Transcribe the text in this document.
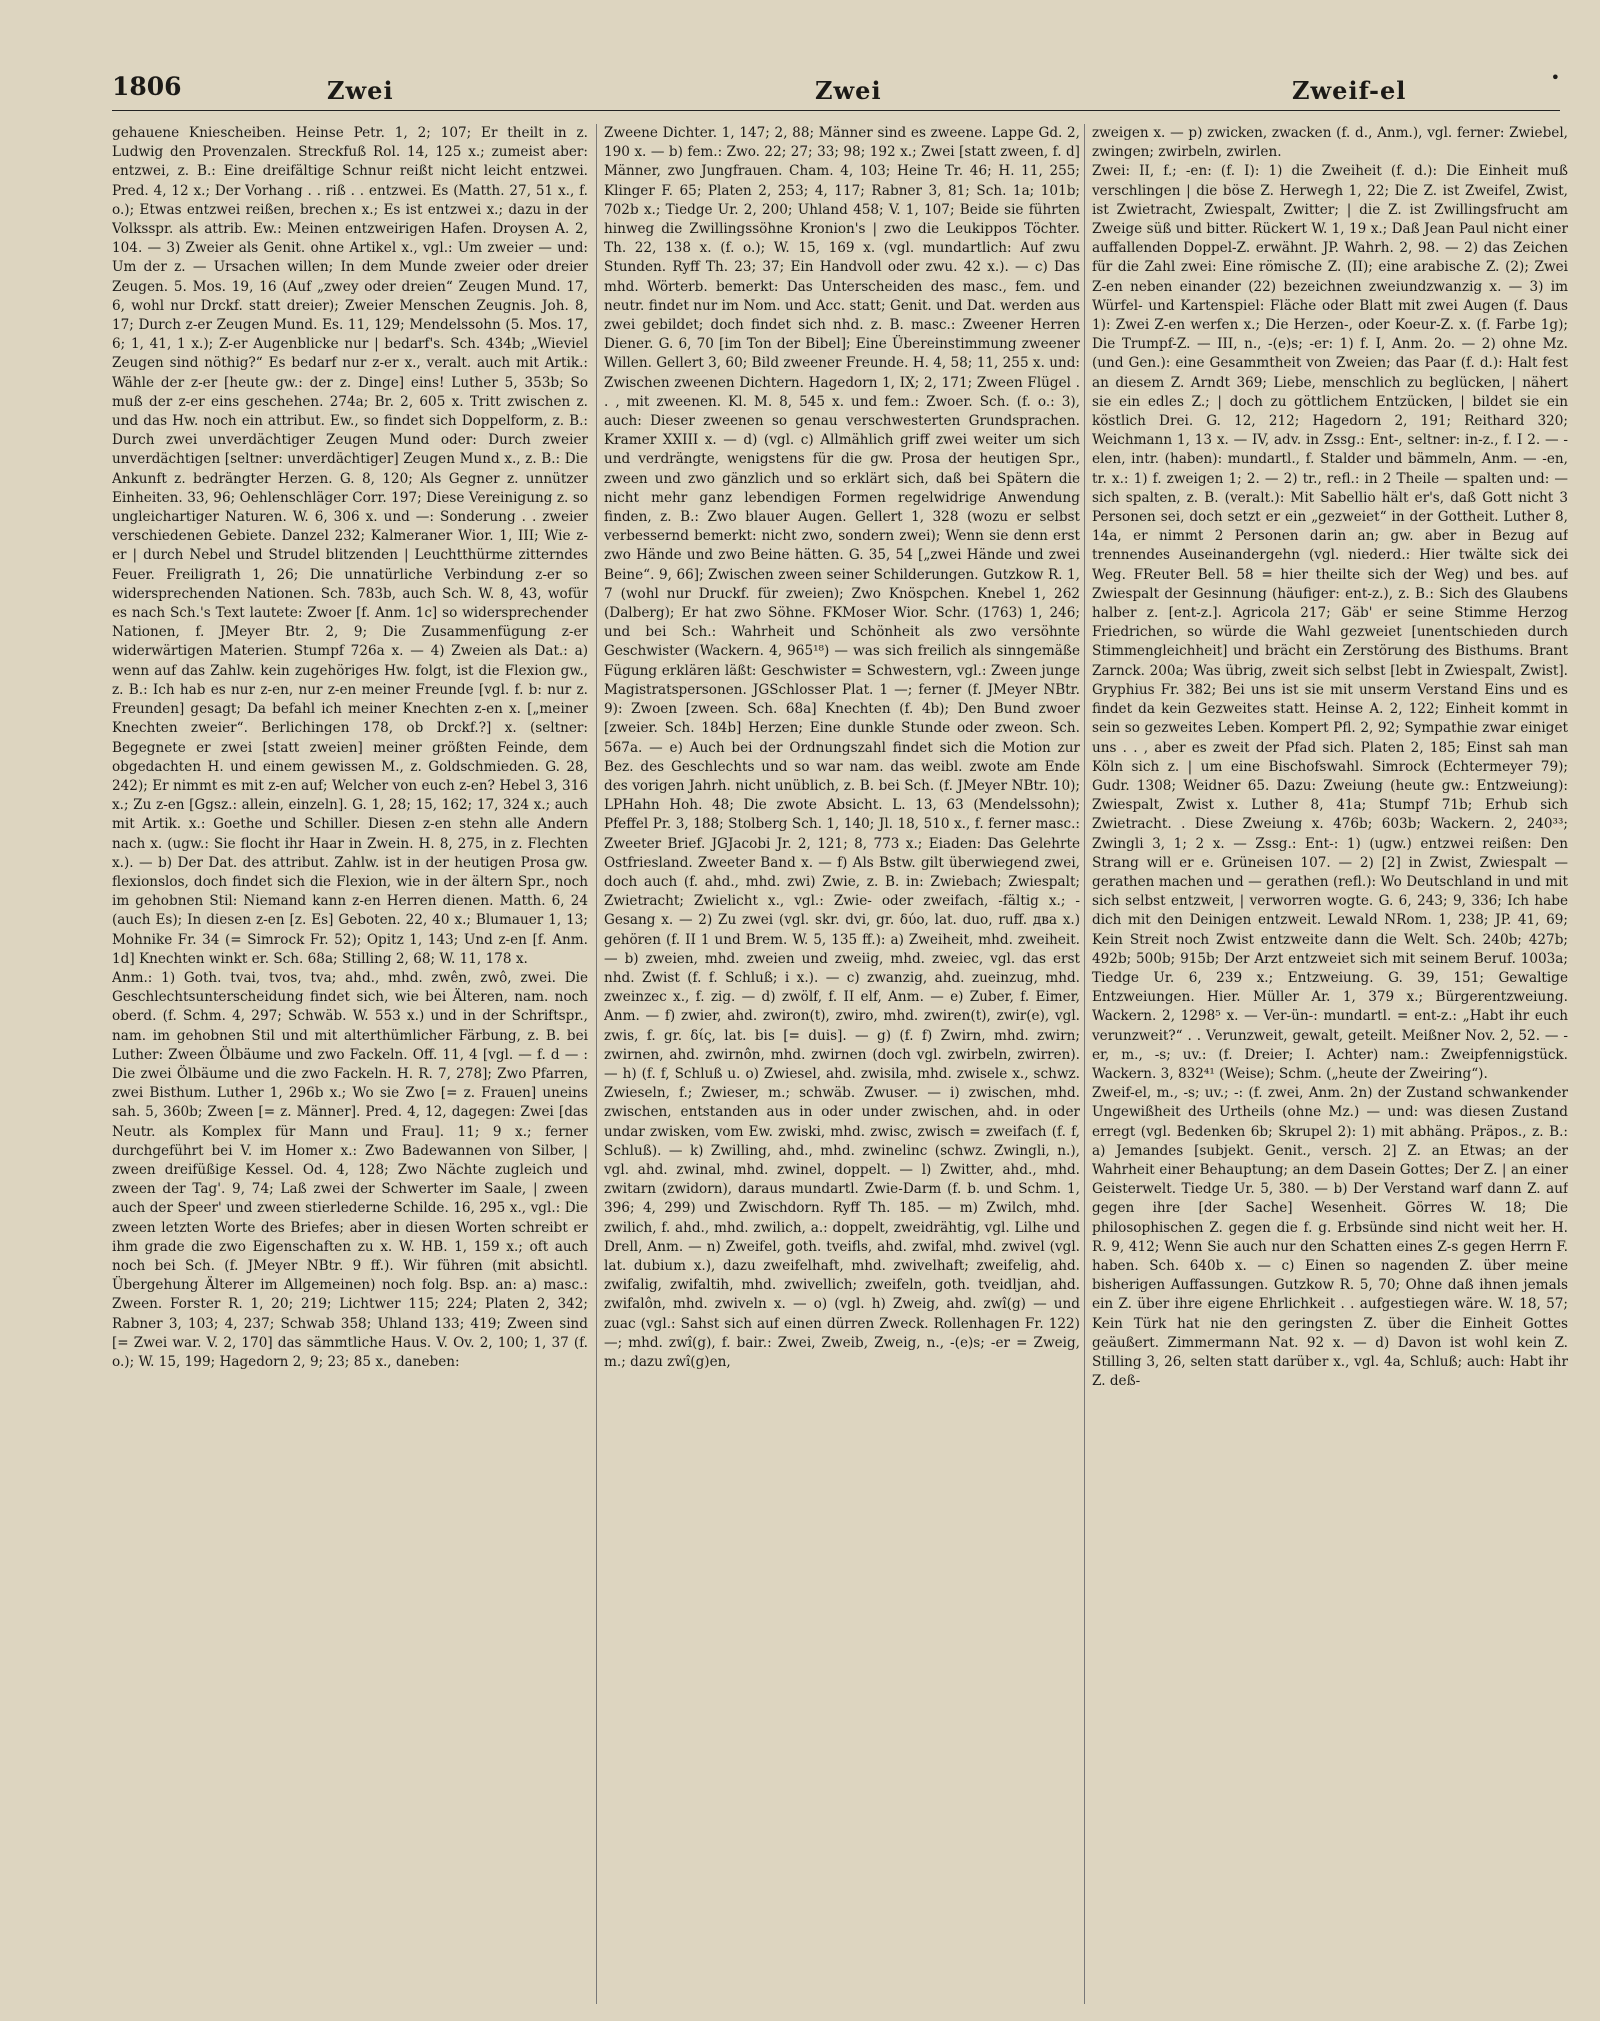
1806	Zwei	Zwei	Zweif-el	•

gehauene Kniescheiben. Heinse Petr. 1, 2; 107; Er theilt in z. Ludwig den Provenzalen. Streckfuß Rol. 14, 125 x.; zumeist aber: entzwei, z. B.: Eine dreifältige Schnur reißt nicht leicht entzwei. Pred. 4, 12 x.; Der Vorhang . . riß . . entzwei. Es (Matth. 27, 51 x., f. o.); Etwas entzwei reißen, brechen x.; Es ist entzwei x.; dazu in der Volksspr. als attrib. Ew.: Meinen entzweirigen Hafen. Droysen A. 2, 104. — 3) Zweier als Genit. ohne Artikel x., vgl.: Um zweier — und: Um der z. — Ursachen willen; In dem Munde zweier oder dreier Zeugen. 5. Mos. 19, 16 (Auf „zwey oder dreien“ Zeugen Mund. 17, 6, wohl nur Drckf. statt dreier); Zweier Menschen Zeugnis. Joh. 8, 17; Durch z-er Zeugen Mund. Es. 11, 129; Mendelssohn (5. Mos. 17, 6; 1, 41, 1 x.); Z-er Augenblicke nur | bedarf's. Sch. 434b; „Wieviel Zeugen sind nöthig?“ Es bedarf nur z-er x., veralt. auch mit Artik.: Wähle der z-er [heute gw.: der z. Dinge] eins! Luther 5, 353b; So muß der z-er eins geschehen. 274a; Br. 2, 605 x. Tritt zwischen z. und das Hw. noch ein attribut. Ew., so findet sich Doppelform, z. B.: Durch zwei unverdächtiger Zeugen Mund oder: Durch zweier unverdächtigen [seltner: unverdächtiger] Zeugen Mund x., z. B.: Die Ankunft z. bedrängter Herzen. G. 8, 120; Als Gegner z. unnützer Einheiten. 33, 96; Oehlenschläger Corr. 197; Diese Vereinigung z. so ungleichartiger Naturen. W. 6, 306 x. und —: Sonderung . . zweier verschiedenen Gebiete. Danzel 232; Kalmeraner Wior. 1, III; Wie z-er | durch Nebel und Strudel blitzenden | Leuchtthürme zitterndes Feuer. Freiligrath 1, 26; Die unnatürliche Verbindung z-er so widersprechenden Nationen. Sch. 783b, auch Sch. W. 8, 43, wofür es nach Sch.'s Text lautete: Zwoer [f. Anm. 1c] so widersprechender Nationen, f. JMeyer Btr. 2, 9; Die Zusammenfügung z-er widerwärtigen Materien. Stumpf 726a x. — 4) Zweien als Dat.: a) wenn auf das Zahlw. kein zugehöriges Hw. folgt, ist die Flexion gw., z. B.: Ich hab es nur z-en, nur z-en meiner Freunde [vgl. f. b: nur z. Freunden] gesagt; Da befahl ich meiner Knechten z-en x. [„meiner Knechten zweier“. Berlichingen 178, ob Drckf.?] x. (seltner: Begegnete er zwei [statt zweien] meiner größten Feinde, dem obgedachten H. und einem gewissen M., z. Goldschmieden. G. 28, 242); Er nimmt es mit z-en auf; Welcher von euch z-en? Hebel 3, 316 x.; Zu z-en [Ggsz.: allein, einzeln]. G. 1, 28; 15, 162; 17, 324 x.; auch mit Artik. x.: Goethe und Schiller. Diesen z-en stehn alle Andern nach x. (ugw.: Sie flocht ihr Haar in Zwein. H. 8, 275, in z. Flechten x.). — b) Der Dat. des attribut. Zahlw. ist in der heutigen Prosa gw. flexionslos, doch findet sich die Flexion, wie in der ältern Spr., noch im gehobnen Stil: Niemand kann z-en Herren dienen. Matth. 6, 24 (auch Es); In diesen z-en [z. Es] Geboten. 22, 40 x.; Blumauer 1, 13; Mohnike Fr. 34 (= Simrock Fr. 52); Opitz 1, 143; Und z-en [f. Anm. 1d] Knechten winkt er. Sch. 68a; Stilling 2, 68; W. 11, 178 x.

Anm.: 1) Goth. tvai, tvos, tva; ahd., mhd. zwên, zwô, zwei. Die Geschlechtsunterscheidung findet sich, wie bei Älteren, nam. noch oberd. (f. Schm. 4, 297; Schwäb. W. 553 x.) und in der Schriftspr., nam. im gehobnen Stil und mit alterthümlicher Färbung, z. B. bei Luther: Zween Ölbäume und zwo Fackeln. Off. 11, 4 [vgl. — f. d — : Die zwei Ölbäume und die zwo Fackeln. H. R. 7, 278]; Zwo Pfarren, zwei Bisthum. Luther 1, 296b x.; Wo sie Zwo [= z. Frauen] uneins sah. 5, 360b; Zween [= z. Männer]. Pred. 4, 12, dagegen: Zwei [das Neutr. als Komplex für Mann und Frau]. 11; 9 x.; ferner durchgeführt bei V. im Homer x.: Zwo Badewannen von Silber, | zween dreifüßige Kessel. Od. 4, 128; Zwo Nächte zugleich und zween der Tag'. 9, 74; Laß zwei der Schwerter im Saale, | zween auch der Speer' und zween stierlederne Schilde. 16, 295 x., vgl.: Die zween letzten Worte des Briefes; aber in diesen Worten schreibt er ihm grade die zwo Eigenschaften zu x. W. HB. 1, 159 x.; oft auch noch bei Sch. (f. JMeyer NBtr. 9 ff.). Wir führen (mit absichtl. Übergehung Älterer im Allgemeinen) noch folg. Bsp. an: a) masc.: Zween. Forster R. 1, 20; 219; Lichtwer 115; 224; Platen 2, 342; Rabner 3, 103; 4, 237; Schwab 358; Uhland 133; 419; Zween sind [= Zwei war. V. 2, 170] das sämmtliche Haus. V. Ov. 2, 100; 1, 37 (f. o.); W. 15, 199; Hagedorn 2, 9; 23; 85 x., daneben:

Zweene Dichter. 1, 147; 2, 88; Männer sind es zweene. Lappe Gd. 2, 190 x. — b) fem.: Zwo. 22; 27; 33; 98; 192 x.; Zwei [statt zween, f. d] Männer, zwo Jungfrauen. Cham. 4, 103; Heine Tr. 46; H. 11, 255; Klinger F. 65; Platen 2, 253; 4, 117; Rabner 3, 81; Sch. 1a; 101b; 702b x.; Tiedge Ur. 2, 200; Uhland 458; V. 1, 107; Beide sie führten hinweg die Zwillingssöhne Kronion's | zwo die Leukippos Töchter. Th. 22, 138 x. (f. o.); W. 15, 169 x. (vgl. mundartlich: Auf zwu Stunden. Ryff Th. 23; 37; Ein Handvoll oder zwu. 42 x.). — c) Das mhd. Wörterb. bemerkt: Das Unterscheiden des masc., fem. und neutr. findet nur im Nom. und Acc. statt; Genit. und Dat. werden aus zwei gebildet; doch findet sich nhd. z. B. masc.: Zweener Herren Diener. G. 6, 70 [im Ton der Bibel]; Eine Übereinstimmung zweener Willen. Gellert 3, 60; Bild zweener Freunde. H. 4, 58; 11, 255 x. und: Zwischen zweenen Dichtern. Hagedorn 1, IX; 2, 171; Zween Flügel . . , mit zweenen. Kl. M. 8, 545 x. und fem.: Zwoer. Sch. (f. o.: 3), auch: Dieser zweenen so genau verschwesterten Grundsprachen. Kramer XXIII x. — d) (vgl. c) Allmählich griff zwei weiter um sich und verdrängte, wenigstens für die gw. Prosa der heutigen Spr., zween und zwo gänzlich und so erklärt sich, daß bei Spätern die nicht mehr ganz lebendigen Formen regelwidrige Anwendung finden, z. B.: Zwo blauer Augen. Gellert 1, 328 (wozu er selbst verbessernd bemerkt: nicht zwo, sondern zwei); Wenn sie denn erst zwo Hände und zwo Beine hätten. G. 35, 54 [„zwei Hände und zwei Beine“. 9, 66]; Zwischen zween seiner Schilderungen. Gutzkow R. 1, 7 (wohl nur Druckf. für zweien); Zwo Knöspchen. Knebel 1, 262 (Dalberg); Er hat zwo Söhne. FKMoser Wior. Schr. (1763) 1, 246; und bei Sch.: Wahrheit und Schönheit als zwo versöhnte Geschwister (Wackern. 4, 965¹⁸) — was sich freilich als sinngemäße Fügung erklären läßt: Geschwister = Schwestern, vgl.: Zween junge Magistratspersonen. JGSchlosser Plat. 1 —; ferner (f. JMeyer NBtr. 9): Zwoen [zween. Sch. 68a] Knechten (f. 4b); Den Bund zwoer [zweier. Sch. 184b] Herzen; Eine dunkle Stunde oder zweon. Sch. 567a. — e) Auch bei der Ordnungszahl findet sich die Motion zur Bez. des Geschlechts und so war nam. das weibl. zwote am Ende des vorigen Jahrh. nicht unüblich, z. B. bei Sch. (f. JMeyer NBtr. 10); LPHahn Hoh. 48; Die zwote Absicht. L. 13, 63 (Mendelssohn); Pfeffel Pr. 3, 188; Stolberg Sch. 1, 140; Jl. 18, 510 x., f. ferner masc.: Zweeter Brief. JGJacobi Jr. 2, 121; 8, 773 x.; Eiaden: Das Gelehrte Ostfriesland. Zweeter Band x. — f) Als Bstw. gilt überwiegend zwei, doch auch (f. ahd., mhd. zwi) Zwie, z. B. in: Zwiebach; Zwiespalt; Zwietracht; Zwielicht x., vgl.: Zwie- oder zweifach, -fältig x.; -Gesang x. — 2) Zu zwei (vgl. skr. dvi, gr. δύο, lat. duo, ruff. два x.) gehören (f. II 1 und Brem. W. 5, 135 ff.): a) Zweiheit, mhd. zweiheit. — b) zweien, mhd. zweien und zweiig, mhd. zweiec, vgl. das erst nhd. Zwist (f. f. Schluß; i x.). — c) zwanzig, ahd. zueinzug, mhd. zweinzec x., f. zig. — d) zwölf, f. II elf, Anm. — e) Zuber, f. Eimer, Anm. — f) zwier, ahd. zwiron(t), zwiro, mhd. zwiren(t), zwir(e), vgl. zwis, f. gr. δίς, lat. bis [= duis]. — g) (f. f) Zwirn, mhd. zwirn; zwirnen, ahd. zwirnôn, mhd. zwirnen (doch vgl. zwirbeln, zwirren). — h) (f. f, Schluß u. o) Zwiesel, ahd. zwisila, mhd. zwisele x., schwz. Zwieseln, f.; Zwieser, m.; schwäb. Zwuser. — i) zwischen, mhd. zwischen, entstanden aus in oder under zwischen, ahd. in oder undar zwisken, vom Ew. zwiski, mhd. zwisc, zwisch = zweifach (f. f, Schluß). — k) Zwilling, ahd., mhd. zwinelinc (schwz. Zwingli, n.), vgl. ahd. zwinal, mhd. zwinel, doppelt. — l) Zwitter, ahd., mhd. zwitarn (zwidorn), daraus mundartl. Zwie-Darm (f. b. und Schm. 1, 396; 4, 299) und Zwischdorn. Ryff Th. 185. — m) Zwilch, mhd. zwilich, f. ahd., mhd. zwilich, a.: doppelt, zweidrähtig, vgl. Lilhe und Drell, Anm. — n) Zweifel, goth. tveifls, ahd. zwifal, mhd. zwivel (vgl. lat. dubium x.), dazu zweifelhaft, mhd. zwivelhaft; zweifelig, ahd. zwifalig, zwifaltih, mhd. zwivellich; zweifeln, goth. tveidljan, ahd. zwifalôn, mhd. zwiveln x. — o) (vgl. h) Zweig, ahd. zwî(g) — und zuac (vgl.: Sahst sich auf einen dürren Zweck. Rollenhagen Fr. 122) —; mhd. zwî(g), f. bair.: Zwei, Zweib, Zweig, n., -(e)s; -er = Zweig, m.; dazu zwî(g)en,

zweigen x. — p) zwicken, zwacken (f. d., Anm.), vgl. ferner: Zwiebel, zwingen; zwirbeln, zwirlen.

Zwei: II, f.; -en: (f. I): 1) die Zweiheit (f. d.): Die Einheit muß verschlingen | die böse Z. Herwegh 1, 22; Die Z. ist Zweifel, Zwist, ist Zwietracht, Zwiespalt, Zwitter; | die Z. ist Zwillingsfrucht am Zweige süß und bitter. Rückert W. 1, 19 x.; Daß Jean Paul nicht einer auffallenden Doppel-Z. erwähnt. JP. Wahrh. 2, 98. — 2) das Zeichen für die Zahl zwei: Eine römische Z. (II); eine arabische Z. (2); Zwei Z-en neben einander (22) bezeichnen zweiundzwanzig x. — 3) im Würfel- und Kartenspiel: Fläche oder Blatt mit zwei Augen (f. Daus 1): Zwei Z-en werfen x.; Die Herzen-, oder Koeur-Z. x. (f. Farbe 1g); Die Trumpf-Z. — III, n., -(e)s; -er: 1) f. I, Anm. 2o. — 2) ohne Mz. (und Gen.): eine Gesammtheit von Zweien; das Paar (f. d.): Halt fest an diesem Z. Arndt 369; Liebe, menschlich zu beglücken, | nähert sie ein edles Z.; | doch zu göttlichem Entzücken, | bildet sie ein köstlich Drei. G. 12, 212; Hagedorn 2, 191; Reithard 320; Weichmann 1, 13 x. — IV, adv. in Zssg.: Ent-, seltner: in-z., f. I 2. — -elen, intr. (haben): mundartl., f. Stalder und bämmeln, Anm. — -en, tr. x.: 1) f. zweigen 1; 2. — 2) tr., refl.: in 2 Theile — spalten und: — sich spalten, z. B. (veralt.): Mit Sabellio hält er's, daß Gott nicht 3 Personen sei, doch setzt er ein „gezweiet“ in der Gottheit. Luther 8, 14a, er nimmt 2 Personen darin an; gw. aber in Bezug auf trennendes Auseinandergehn (vgl. niederd.: Hier twälte sick dei Weg. FReuter Bell. 58 = hier theilte sich der Weg) und bes. auf Zwiespalt der Gesinnung (häufiger: ent-z.), z. B.: Sich des Glaubens halber z. [ent-z.]. Agricola 217; Gäb' er seine Stimme Herzog Friedrichen, so würde die Wahl gezweiet [unentschieden durch Stimmengleichheit] und brächt ein Zerstörung des Bisthums. Brant Zarnck. 200a; Was übrig, zweit sich selbst [lebt in Zwiespalt, Zwist]. Gryphius Fr. 382; Bei uns ist sie mit unserm Verstand Eins und es findet da kein Gezweites statt. Heinse A. 2, 122; Einheit kommt in sein so gezweites Leben. Kompert Pfl. 2, 92; Sympathie zwar einiget uns . . , aber es zweit der Pfad sich. Platen 2, 185; Einst sah man Köln sich z. | um eine Bischofswahl. Simrock (Echtermeyer 79); Gudr. 1308; Weidner 65. Dazu: Zweiung (heute gw.: Entzweiung): Zwiespalt, Zwist x. Luther 8, 41a; Stumpf 71b; Erhub sich Zwietracht. . Diese Zweiung x. 476b; 603b; Wackern. 2, 240³³; Zwingli 3, 1; 2 x. — Zssg.: Ent-: 1) (ugw.) entzwei reißen: Den Strang will er e. Grüneisen 107. — 2) [2] in Zwist, Zwiespalt — gerathen machen und — gerathen (refl.): Wo Deutschland in und mit sich selbst entzweit, | verworren wogte. G. 6, 243; 9, 336; Ich habe dich mit den Deinigen entzweit. Lewald NRom. 1, 238; JP. 41, 69; Kein Streit noch Zwist entzweite dann die Welt. Sch. 240b; 427b; 492b; 500b; 915b; Der Arzt entzweiet sich mit seinem Beruf. 1003a; Tiedge Ur. 6, 239 x.; Entzweiung. G. 39, 151; Gewaltige Entzweiungen. Hier. Müller Ar. 1, 379 x.; Bürgerentzweiung. Wackern. 2, 1298⁵ x. — Ver-ün-: mundartl. = ent-z.: „Habt ihr euch verunzweit?“ . . Verunzweit, gewalt, geteilt. Meißner Nov. 2, 52. — -er, m., -s; uv.: (f. Dreier; I. Achter) nam.: Zweipfennigstück. Wackern. 3, 832⁴¹ (Weise); Schm. („heute der Zweiring“).

Zweif-el, m., -s; uv.; -: (f. zwei, Anm. 2n) der Zustand schwankender Ungewißheit des Urtheils (ohne Mz.) — und: was diesen Zustand erregt (vgl. Bedenken 6b; Skrupel 2): 1) mit abhäng. Präpos., z. B.: a) Jemandes [subjekt. Genit., versch. 2] Z. an Etwas; an der Wahrheit einer Behauptung; an dem Dasein Gottes; Der Z. | an einer Geisterwelt. Tiedge Ur. 5, 380. — b) Der Verstand warf dann Z. auf gegen ihre [der Sache] Wesenheit. Görres W. 18; Die philosophischen Z. gegen die f. g. Erbsünde sind nicht weit her. H. R. 9, 412; Wenn Sie auch nur den Schatten eines Z-s gegen Herrn F. haben. Sch. 640b x. — c) Einen so nagenden Z. über meine bisherigen Auffassungen. Gutzkow R. 5, 70; Ohne daß ihnen jemals ein Z. über ihre eigene Ehrlichkeit . . aufgestiegen wäre. W. 18, 57; Kein Türk hat nie den geringsten Z. über die Einheit Gottes geäußert. Zimmermann Nat. 92 x. — d) Davon ist wohl kein Z. Stilling 3, 26, selten statt darüber x., vgl. 4a, Schluß; auch: Habt ihr Z. deß-
